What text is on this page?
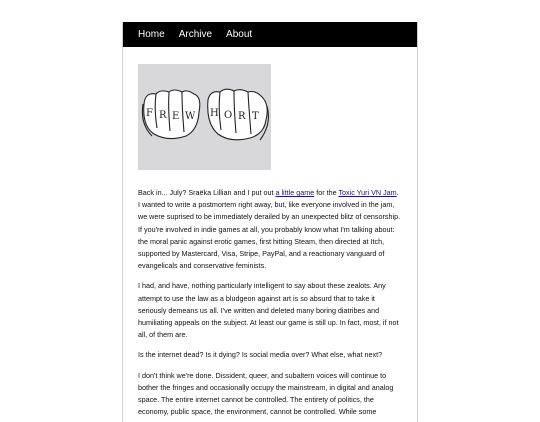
Home Archive About
F R E W H O R T

Back in... July? Sraëka Lillian and I put out a little game for the Toxic Yuri VN Jam. I wanted to write a postmortem right away, but, like everyone involved in the jam, we were suprised to be immediately derailed by an unexpected blitz of censorship. If you're involved in indie games at all, you probably know what I'm talking about: the moral panic against erotic games, first hitting Steam, then directed at Itch, supported by Mastercard, Visa, Stripe, PayPal, and a reactionary vanguard of evangelicals and conservative feminists.

I had, and have, nothing particularly intelligent to say about these zealots. Any attempt to use the law as a bludgeon against art is so absurd that to take it seriously demeans us all. I've written and deleted many boring diatribes and humiliating appeals on the subject. At least our game is still up. In fact, most, if not all, of them are.

Is the internet dead? Is it dying? Is social media over? What else, what next?

I don't think we're done. Dissident, queer, and subaltern voices will continue to bother the fringes and occasionally occupy the mainstream, in digital and analog space. The entire internet cannot be controlled. The entirety of politics, the economy, public space, the environment, cannot be controlled. While some
